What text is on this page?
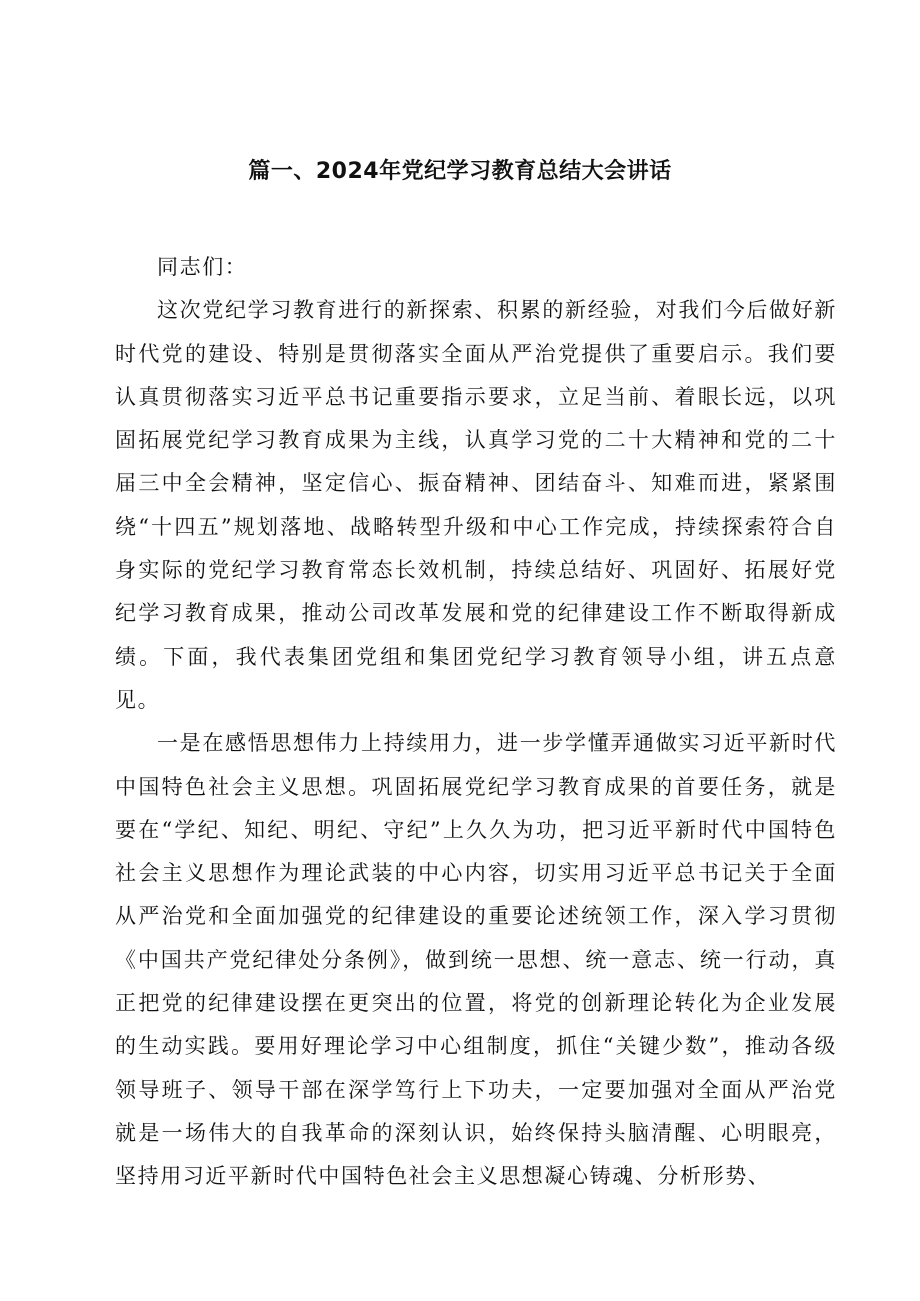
篇一、2024年党纪学习教育总结大会讲话

同志们：

这次党纪学习教育进行的新探索、积累的新经验，对我们今后做好新时代党的建设、特别是贯彻落实全面从严治党提供了重要启示。我们要认真贯彻落实习近平总书记重要指示要求，立足当前、着眼长远，以巩固拓展党纪学习教育成果为主线，认真学习党的二十大精神和党的二十届三中全会精神，坚定信心、振奋精神、团结奋斗、知难而进，紧紧围绕“十四五”规划落地、战略转型升级和中心工作完成，持续探索符合自身实际的党纪学习教育常态长效机制，持续总结好、巩固好、拓展好党纪学习教育成果，推动公司改革发展和党的纪律建设工作不断取得新成绩。下面，我代表集团党组和集团党纪学习教育领导小组，讲五点意见。

一是在感悟思想伟力上持续用力，进一步学懂弄通做实习近平新时代中国特色社会主义思想。巩固拓展党纪学习教育成果的首要任务，就是要在“学纪、知纪、明纪、守纪”上久久为功，把习近平新时代中国特色社会主义思想作为理论武装的中心内容，切实用习近平总书记关于全面从严治党和全面加强党的纪律建设的重要论述统领工作，深入学习贯彻《中国共产党纪律处分条例》，做到统一思想、统一意志、统一行动，真正把党的纪律建设摆在更突出的位置，将党的创新理论转化为企业发展的生动实践。要用好理论学习中心组制度，抓住“关键少数”，推动各级领导班子、领导干部在深学笃行上下功夫，一定要加强对全面从严治党就是一场伟大的自我革命的深刻认识，始终保持头脑清醒、心明眼亮，坚持用习近平新时代中国特色社会主义思想凝心铸魂、分析形势、
